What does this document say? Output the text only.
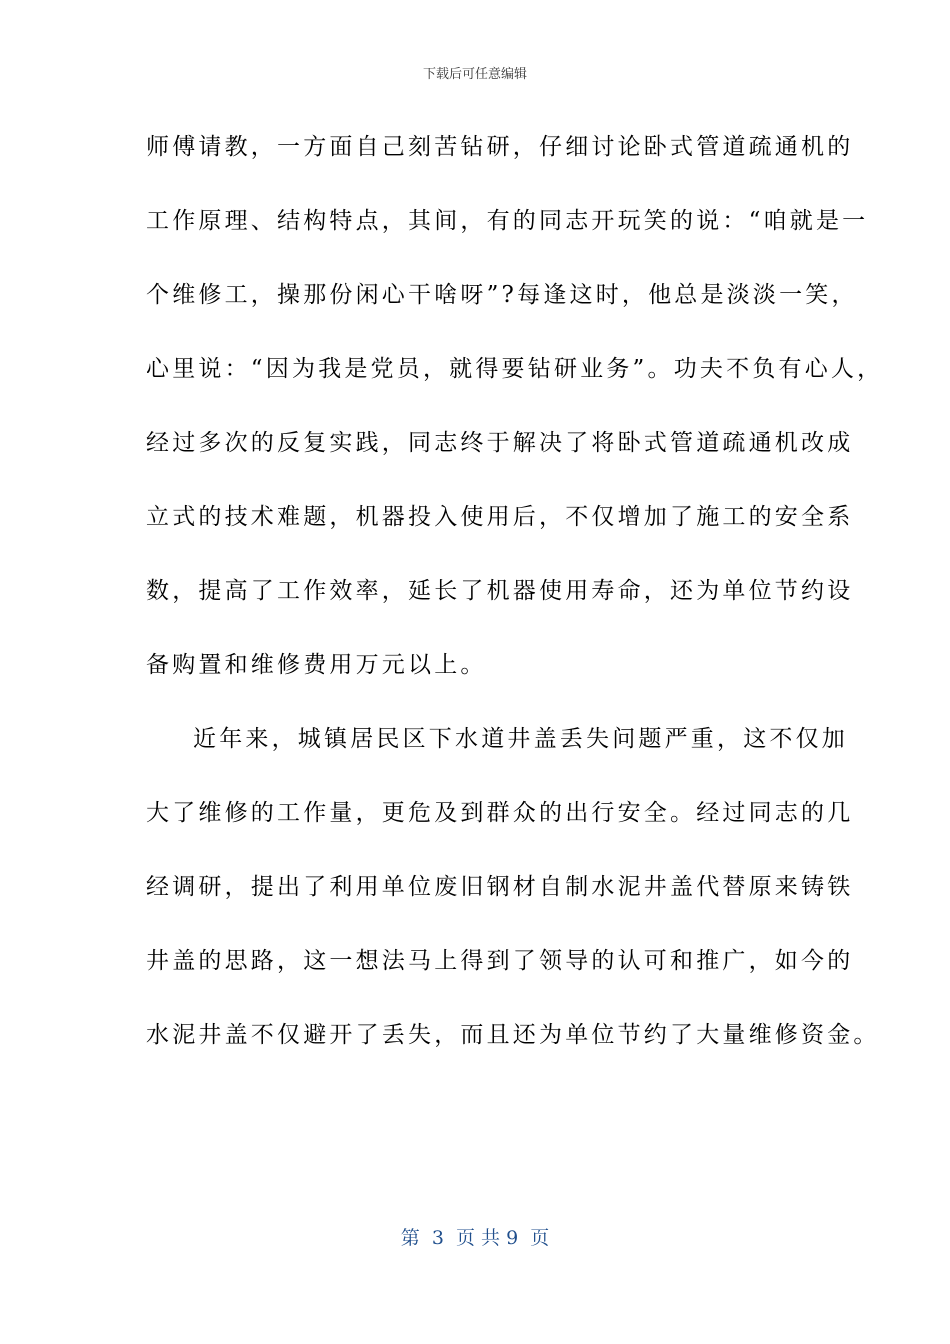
下载后可任意编辑
师傅请教，一方面自己刻苦钻研，仔细讨论卧式管道疏通机的
工作原理、结构特点，其间，有的同志开玩笑的说：“咱就是一
个维修工，操那份闲心干啥呀”?每逢这时，他总是淡淡一笑，
心里说：“因为我是党员，就得要钻研业务”。功夫不负有心人，
经过多次的反复实践，同志终于解决了将卧式管道疏通机改成
立式的技术难题，机器投入使用后，不仅增加了施工的安全系
数，提高了工作效率，延长了机器使用寿命，还为单位节约设
备购置和维修费用万元以上。
近年来，城镇居民区下水道井盖丢失问题严重，这不仅加
大了维修的工作量，更危及到群众的出行安全。经过同志的几
经调研，提出了利用单位废旧钢材自制水泥井盖代替原来铸铁
井盖的思路，这一想法马上得到了领导的认可和推广，如今的
水泥井盖不仅避开了丢失，而且还为单位节约了大量维修资金。
第  3  页 共 9  页
